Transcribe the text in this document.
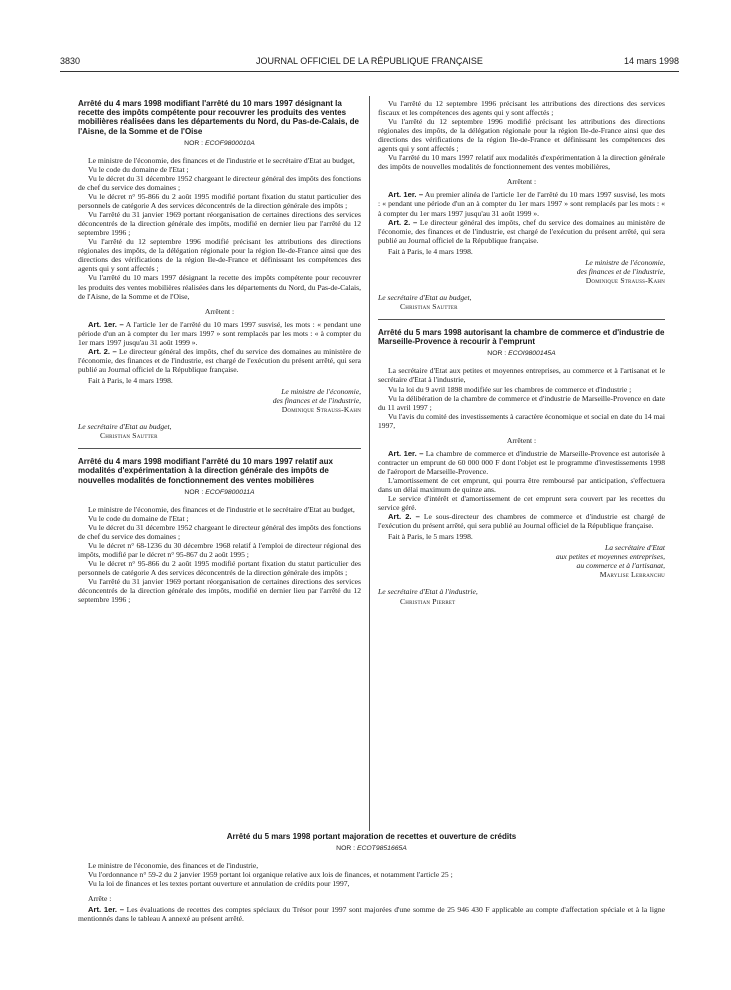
3830	JOURNAL OFFICIEL DE LA RÉPUBLIQUE FRANÇAISE	14 mars 1998
Arrêté du 4 mars 1998 modifiant l'arrêté du 10 mars 1997 désignant la recette des impôts compétente pour recouvrer les produits des ventes mobilières réalisées dans les départements du Nord, du Pas-de-Calais, de l'Aisne, de la Somme et de l'Oise
NOR : ECOF9800010A

Le ministre de l'économie, des finances et de l'industrie et le secrétaire d'Etat au budget,

Vu le code du domaine de l'Etat ;

Vu le décret du 31 décembre 1952 chargeant le directeur général des impôts des fonctions de chef du service des domaines ;

Vu le décret n° 95-866 du 2 août 1995 modifié portant fixation du statut particulier des personnels de catégorie A des services déconcentrés de la direction générale des impôts ;

Vu l'arrêté du 31 janvier 1969 portant réorganisation de certaines directions des services déconcentrés de la direction générale des impôts, modifié en dernier lieu par l'arrêté du 12 septembre 1996 ;

Vu l'arrêté du 12 septembre 1996 modifié précisant les attributions des directions régionales des impôts, de la délégation régionale pour la région Ile-de-France ainsi que des directions des vérifications de la région Ile-de-France et définissant les compétences des agents qui y sont affectés ;

Vu l'arrêté du 10 mars 1997 désignant la recette des impôts compétente pour recouvrer les produits des ventes mobilières réalisées dans les départements du Nord, du Pas-de-Calais, de l'Aisne, de la Somme et de l'Oise,

Arrêtent :

Art. 1er. – A l'article 1er de l'arrêté du 10 mars 1997 susvisé, les mots : « pendant une période d'un an à compter du 1er mars 1997 » sont remplacés par les mots : « à compter du 1er mars 1997 jusqu'au 31 août 1999 ».

Art. 2. – Le directeur général des impôts, chef du service des domaines au ministère de l'économie, des finances et de l'industrie, est chargé de l'exécution du présent arrêté, qui sera publié au Journal officiel de la République française.

Fait à Paris, le 4 mars 1998.

Le ministre de l'économie,

des finances et de l'industrie,

Dominique Strauss-Kahn

Le secrétaire d'Etat au budget,

Christian Sautter

Arrêté du 4 mars 1998 modifiant l'arrêté du 10 mars 1997 relatif aux modalités d'expérimentation à la direction générale des impôts de nouvelles modalités de fonctionnement des ventes mobilières
NOR : ECOF9800011A

Le ministre de l'économie, des finances et de l'industrie et le secrétaire d'Etat au budget,

Vu le code du domaine de l'Etat ;

Vu le décret du 31 décembre 1952 chargeant le directeur général des impôts des fonctions de chef du service des domaines ;

Vu le décret n° 68-1236 du 30 décembre 1968 relatif à l'emploi de directeur régional des impôts, modifié par le décret n° 95-867 du 2 août 1995 ;

Vu le décret n° 95-866 du 2 août 1995 modifié portant fixation du statut particulier des personnels de catégorie A des services déconcentrés de la direction générale des impôts ;

Vu l'arrêté du 31 janvier 1969 portant réorganisation de certaines directions des services déconcentrés de la direction générale des impôts, modifié en dernier lieu par l'arrêté du 12 septembre 1996 ;

Vu l'arrêté du 12 septembre 1996 précisant les attributions des directions des services fiscaux et les compétences des agents qui y sont affectés ;

Vu l'arrêté du 12 septembre 1996 modifié précisant les attributions des directions régionales des impôts, de la délégation régionale pour la région Ile-de-France ainsi que des directions des vérifications de la région Ile-de-France et définissant les compétences des agents qui y sont affectés ;

Vu l'arrêté du 10 mars 1997 relatif aux modalités d'expérimentation à la direction générale des impôts de nouvelles modalités de fonctionnement des ventes mobilières,

Arrêtent :

Art. 1er. – Au premier alinéa de l'article 1er de l'arrêté du 10 mars 1997 susvisé, les mots : « pendant une période d'un an à compter du 1er mars 1997 » sont remplacés par les mots : « à compter du 1er mars 1997 jusqu'au 31 août 1999 ».

Art. 2. – Le directeur général des impôts, chef du service des domaines au ministère de l'économie, des finances et de l'industrie, est chargé de l'exécution du présent arrêté, qui sera publié au Journal officiel de la République française.

Fait à Paris, le 4 mars 1998.

Le ministre de l'économie,

des finances et de l'industrie,

Dominique Strauss-Kahn

Le secrétaire d'Etat au budget,

Christian Sautter

Arrêté du 5 mars 1998 autorisant la chambre de commerce et d'industrie de Marseille-Provence à recourir à l'emprunt
NOR : ECOI9800145A

La secrétaire d'Etat aux petites et moyennes entreprises, au commerce et à l'artisanat et le secrétaire d'Etat à l'industrie,

Vu la loi du 9 avril 1898 modifiée sur les chambres de commerce et d'industrie ;

Vu la délibération de la chambre de commerce et d'industrie de Marseille-Provence en date du 11 avril 1997 ;

Vu l'avis du comité des investissements à caractère économique et social en date du 14 mai 1997,

Arrêtent :

Art. 1er. – La chambre de commerce et d'industrie de Marseille-Provence est autorisée à contracter un emprunt de 60 000 000 F dont l'objet est le programme d'investissements 1998 de l'aéroport de Marseille-Provence.

L'amortissement de cet emprunt, qui pourra être remboursé par anticipation, s'effectuera dans un délai maximum de quinze ans.

Le service d'intérêt et d'amortissement de cet emprunt sera couvert par les recettes du service géré.

Art. 2. – Le sous-directeur des chambres de commerce et d'industrie est chargé de l'exécution du présent arrêté, qui sera publié au Journal officiel de la République française.

Fait à Paris, le 5 mars 1998.

La secrétaire d'Etat

aux petites et moyennes entreprises,

au commerce et à l'artisanat,

Marylise Lebranchu

Le secrétaire d'Etat à l'industrie,

Christian Pierret

Arrêté du 5 mars 1998 portant majoration de recettes et ouverture de crédits
NOR : ECOT9851665A

Le ministre de l'économie, des finances et de l'industrie,

Vu l'ordonnance n° 59-2 du 2 janvier 1959 portant loi organique relative aux lois de finances, et notamment l'article 25 ;

Vu la loi de finances et les textes portant ouverture et annulation de crédits pour 1997,

Arrête :

Art. 1er. – Les évaluations de recettes des comptes spéciaux du Trésor pour 1997 sont majorées d'une somme de 25 946 430 F applicable au compte d'affectation spéciale et à la ligne mentionnés dans le tableau A annexé au présent arrêté.
